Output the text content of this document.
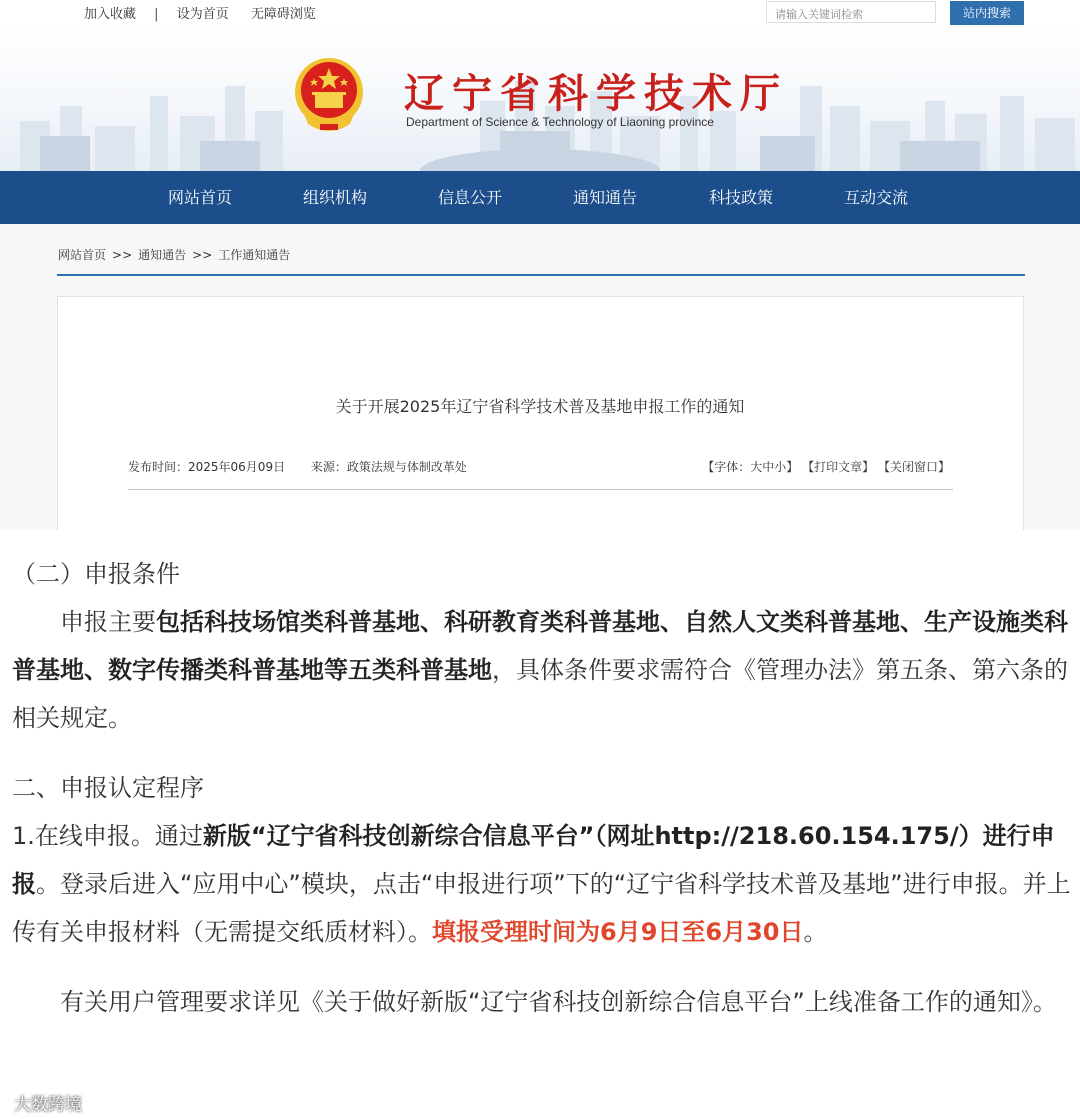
加入收藏 | 设为首页 无障碍浏览	请输入关键词检索	站内搜索
辽宁省科学技术厅
Department of Science & Technology of Liaoning province
网站首页	组织机构	信息公开	通知通告	科技政策	互动交流
网站首页 >> 通知通告 >> 工作通知通告
关于开展2025年辽宁省科学技术普及基地申报工作的通知
发布时间：2025年06月09日 来源：政策法规与体制改革处	【字体：大中小】 【打印文章】 【关闭窗口】

（二）申报条件

　　申报主要包括科技场馆类科普基地、科研教育类科普基地、自然人文类科普基地、生产设施类科普基地、数字传播类科普基地等五类科普基地，具体条件要求需符合《管理办法》第五条、第六条的相关规定。

二、申报认定程序

1.在线申报。通过新版“辽宁省科技创新综合信息平台”（网址http://218.60.154.175/）进行申报。登录后进入“应用中心”模块，点击“申报进行项”下的“辽宁省科学技术普及基地”进行申报。并上传有关申报材料（无需提交纸质材料）。填报受理时间为6月9日至6月30日。

　　有关用户管理要求详见《关于做好新版“辽宁省科技创新综合信息平台”上线准备工作的通知》。

大数跨境
